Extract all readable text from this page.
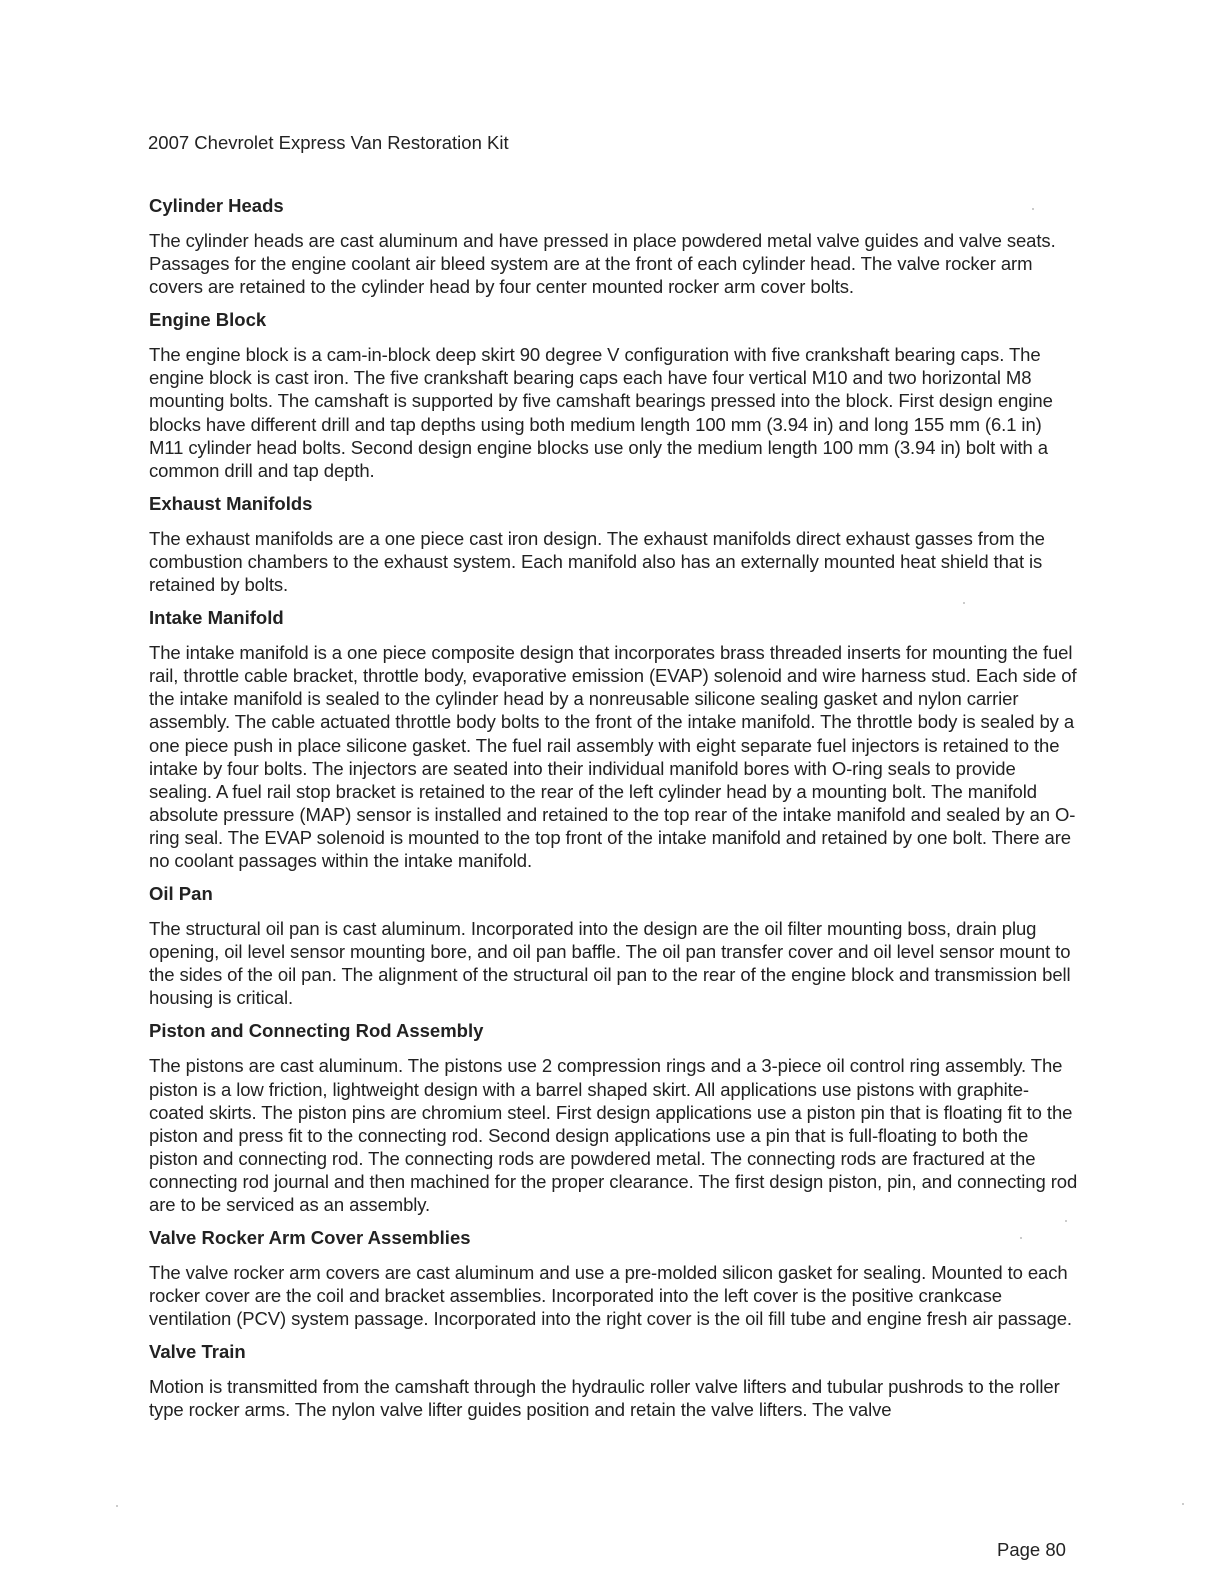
2007 Chevrolet Express Van Restoration Kit
Cylinder Heads
The cylinder heads are cast aluminum and have pressed in place powdered metal valve guides and valve seats. Passages for the engine coolant air bleed system are at the front of each cylinder head. The valve rocker arm covers are retained to the cylinder head by four center mounted rocker arm cover bolts.
Engine Block
The engine block is a cam-in-block deep skirt 90 degree V configuration with five crankshaft bearing caps. The engine block is cast iron. The five crankshaft bearing caps each have four vertical M10 and two horizontal M8 mounting bolts. The camshaft is supported by five camshaft bearings pressed into the block. First design engine blocks have different drill and tap depths using both medium length 100 mm (3.94 in) and long 155 mm (6.1 in) M11 cylinder head bolts. Second design engine blocks use only the medium length 100 mm (3.94 in) bolt with a common drill and tap depth.
Exhaust Manifolds
The exhaust manifolds are a one piece cast iron design. The exhaust manifolds direct exhaust gasses from the combustion chambers to the exhaust system. Each manifold also has an externally mounted heat shield that is retained by bolts.
Intake Manifold
The intake manifold is a one piece composite design that incorporates brass threaded inserts for mounting the fuel rail, throttle cable bracket, throttle body, evaporative emission (EVAP) solenoid and wire harness stud. Each side of the intake manifold is sealed to the cylinder head by a nonreusable silicone sealing gasket and nylon carrier assembly. The cable actuated throttle body bolts to the front of the intake manifold. The throttle body is sealed by a one piece push in place silicone gasket. The fuel rail assembly with eight separate fuel injectors is retained to the intake by four bolts. The injectors are seated into their individual manifold bores with O-ring seals to provide sealing. A fuel rail stop bracket is retained to the rear of the left cylinder head by a mounting bolt. The manifold absolute pressure (MAP) sensor is installed and retained to the top rear of the intake manifold and sealed by an O-ring seal. The EVAP solenoid is mounted to the top front of the intake manifold and retained by one bolt. There are no coolant passages within the intake manifold.
Oil Pan
The structural oil pan is cast aluminum. Incorporated into the design are the oil filter mounting boss, drain plug opening, oil level sensor mounting bore, and oil pan baffle. The oil pan transfer cover and oil level sensor mount to the sides of the oil pan. The alignment of the structural oil pan to the rear of the engine block and transmission bell housing is critical.
Piston and Connecting Rod Assembly
The pistons are cast aluminum. The pistons use 2 compression rings and a 3-piece oil control ring assembly. The piston is a low friction, lightweight design with a barrel shaped skirt. All applications use pistons with graphite-coated skirts. The piston pins are chromium steel. First design applications use a piston pin that is floating fit to the piston and press fit to the connecting rod. Second design applications use a pin that is full-floating to both the piston and connecting rod. The connecting rods are powdered metal. The connecting rods are fractured at the connecting rod journal and then machined for the proper clearance. The first design piston, pin, and connecting rod are to be serviced as an assembly.
Valve Rocker Arm Cover Assemblies
The valve rocker arm covers are cast aluminum and use a pre-molded silicon gasket for sealing. Mounted to each rocker cover are the coil and bracket assemblies. Incorporated into the left cover is the positive crankcase ventilation (PCV) system passage. Incorporated into the right cover is the oil fill tube and engine fresh air passage.
Valve Train
Motion is transmitted from the camshaft through the hydraulic roller valve lifters and tubular pushrods to the roller type rocker arms. The nylon valve lifter guides position and retain the valve lifters. The valve
Page 80
